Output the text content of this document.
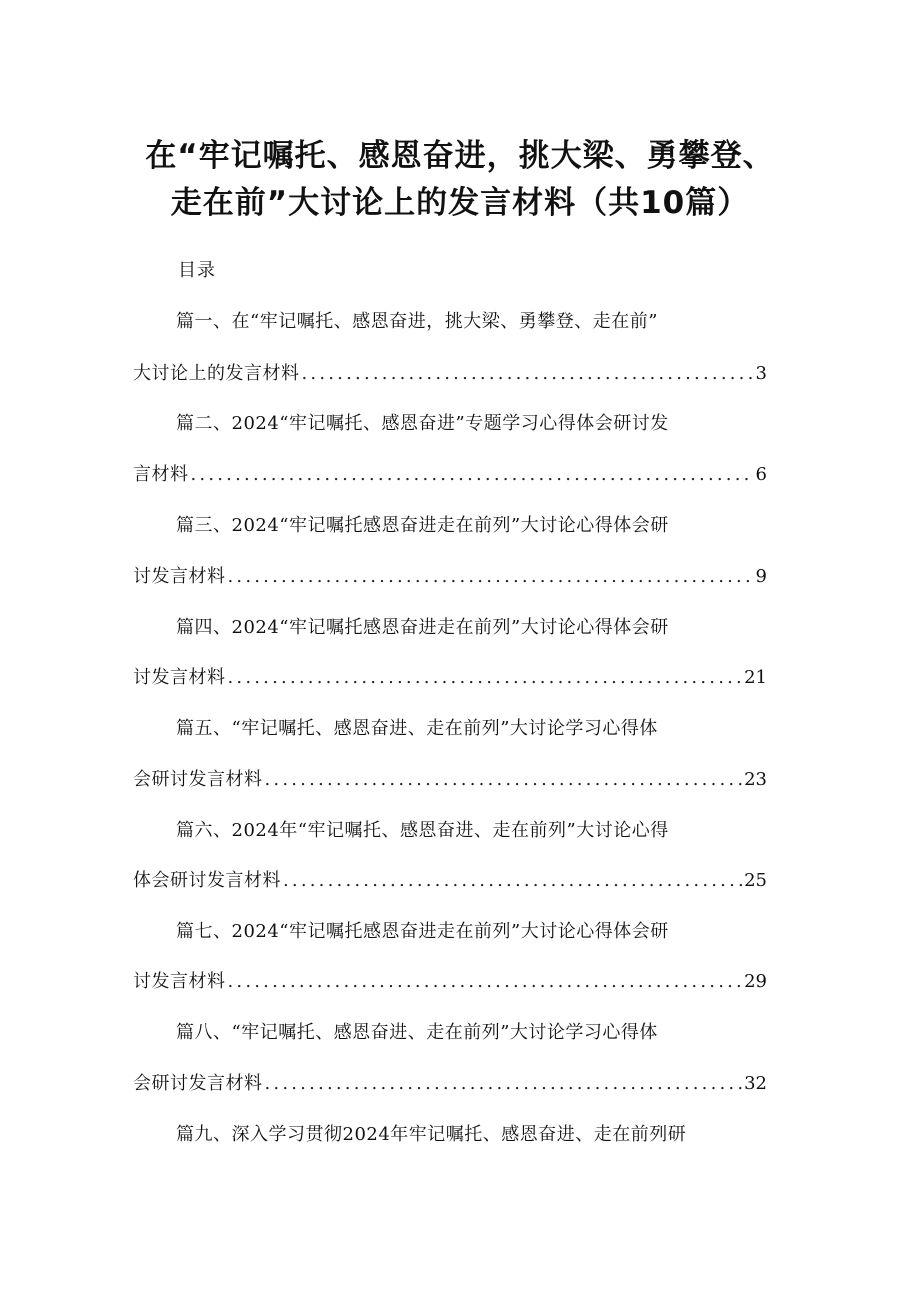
在“牢记嘱托、感恩奋进，挑大梁、勇攀登、
走在前”大讨论上的发言材料（共10篇）
目录
篇一、在“牢记嘱托、感恩奋进，挑大梁、勇攀登、走在前”
大讨论上的发言材料 .....	3
篇二、2024“牢记嘱托、感恩奋进”专题学习心得体会研讨发
言材料 .....	6
篇三、2024“牢记嘱托感恩奋进走在前列”大讨论心得体会研
讨发言材料 .....	9
篇四、2024“牢记嘱托感恩奋进走在前列”大讨论心得体会研
讨发言材料 .....	21
篇五、“牢记嘱托、感恩奋进、走在前列”大讨论学习心得体
会研讨发言材料 .....	23
篇六、2024年“牢记嘱托、感恩奋进、走在前列”大讨论心得
体会研讨发言材料 .....	25
篇七、2024“牢记嘱托感恩奋进走在前列”大讨论心得体会研
讨发言材料 .....	29
篇八、“牢记嘱托、感恩奋进、走在前列”大讨论学习心得体
会研讨发言材料 .....	32
篇九、深入学习贯彻2024年牢记嘱托、感恩奋进、走在前列研
